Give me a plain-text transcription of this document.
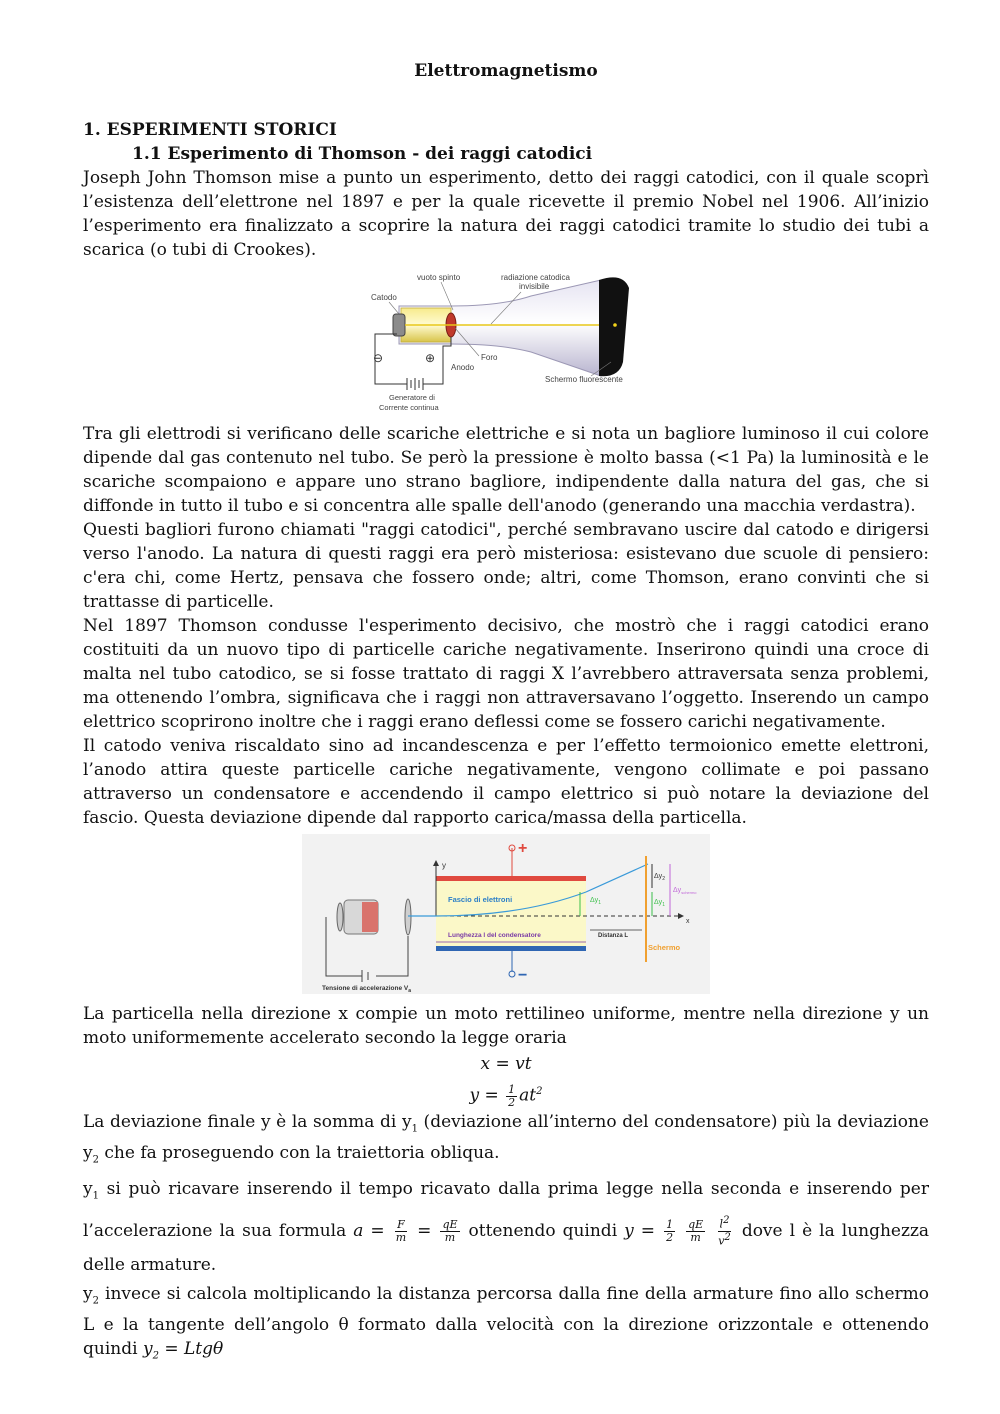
Elettromagnetismo

1. ESPERIMENTI STORICI

1.1 Esperimento di Thomson - dei raggi catodici

Joseph John Thomson mise a punto un esperimento, detto dei raggi catodici, con il quale scoprì l’esistenza dell’elettrone nel 1897 e per la quale ricevette il premio Nobel nel 1906. All’inizio l’esperimento era finalizzato a scoprire la natura dei raggi catodici tramite lo studio dei tubi a scarica (o tubi di Crookes).

⊖	⊕
Catodo
vuoto spinto	radiazione catodica
invisibile
Foro
Anodo
Schermo fluorescente
Generatore di
Corrente continua

Tra gli elettrodi si verificano delle scariche elettriche e si nota un bagliore luminoso il cui colore dipende dal gas contenuto nel tubo. Se però la pressione è molto bassa (<1 Pa) la luminosità e le scariche scompaiono e appare uno strano bagliore, indipendente dalla natura del gas, che si diffonde in tutto il tubo e si concentra alle spalle dell'anodo (generando una macchia verdastra).

Questi bagliori furono chiamati "raggi catodici", perché sembravano uscire dal catodo e dirigersi verso l'anodo. La natura di questi raggi era però misteriosa: esistevano due scuole di pensiero: c'era chi, come Hertz, pensava che fossero onde; altri, come Thomson, erano convinti che si trattasse di particelle.

Nel 1897 Thomson condusse l'esperimento decisivo, che mostrò che i raggi catodici erano costituiti da un nuovo tipo di particelle cariche negativamente. Inserirono quindi una croce di malta nel tubo catodico, se si fosse trattato di raggi X l’avrebbero attraversata senza problemi, ma ottenendo l’ombra, significava che i raggi non attraversavano l’oggetto. Inserendo un campo elettrico scoprirono inoltre che i raggi erano deflessi come se fossero carichi negativamente.

Il catodo veniva riscaldato sino ad incandescenza e per l’effetto termoionico emette elettroni, l’anodo attira queste particelle cariche negativamente, vengono collimate e poi passano attraverso un condensatore e accendendo il campo elettrico si può notare la deviazione del fascio. Questa deviazione dipende dal rapporto carica/massa della particella.

Tensione di accelerazione $V_a$
+
−
y
x
Fascio di elettroni
Lunghezza l del condensatore
$\Delta y_1$
Distanza L
Schermo
$\Delta y_2$
$\Delta y_1$
$\Delta y_{schermo}$

La particella nella direzione x compie un moto rettilineo uniforme, mentre nella direzione y un moto uniformemente accelerato secondo la legge oraria

x = vt
$y = \frac{1}{2} at^2$

La deviazione finale y è la somma di $y_1$ (deviazione all’interno del condensatore) più la deviazione $y_2$ che fa proseguendo con la traiettoria obliqua.

$y_1$ si può ricavare inserendo il tempo ricavato dalla prima legge nella seconda e inserendo per l’accelerazione la sua formula $a = \frac{F}{m} = \frac{qE}{m}$ ottenendo quindi $y = \frac{1}{2}$
$\frac{qE}{m}$
$\frac{l^2}{v^2}$ dove l è la lunghezza delle armature.

$y_2$ invece si calcola moltiplicando la distanza percorsa dalla fine della armature fino allo schermo L e la tangente dell’angolo θ formato dalla velocità con la direzione orizzontale e ottenendo quindi $y_2 = Ltg\theta$
